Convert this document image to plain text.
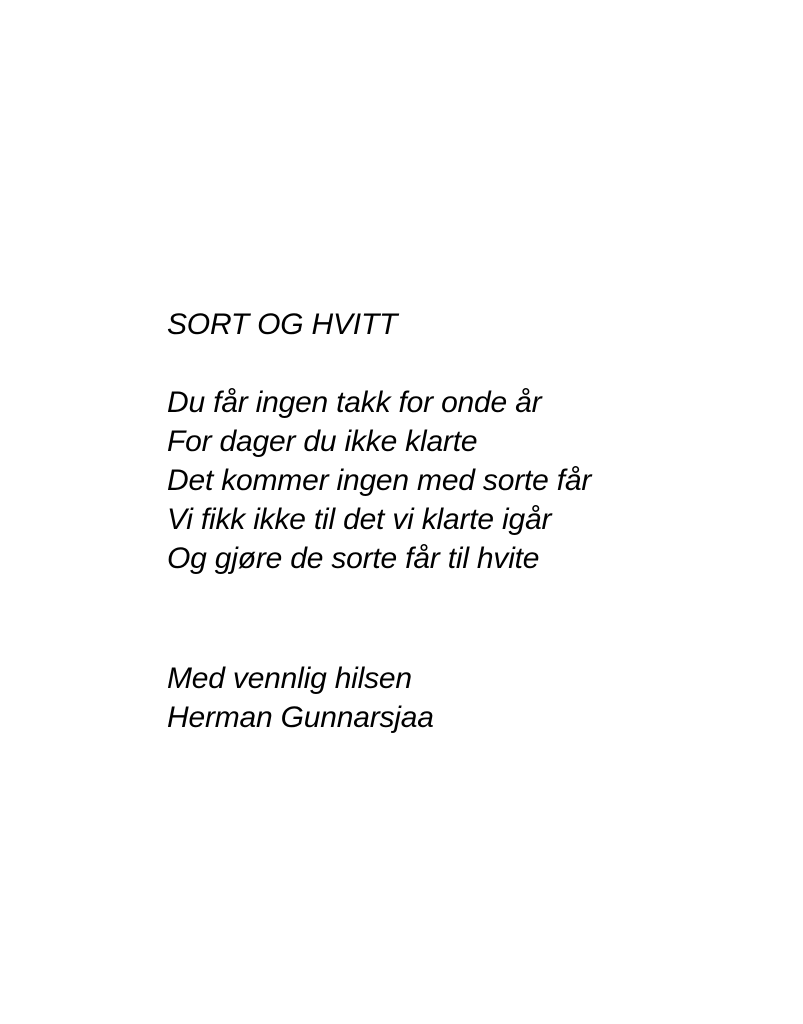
SORT OG HVITT

Du får ingen takk for onde år

For dager du ikke klarte

Det kommer ingen med sorte får

Vi fikk ikke til det vi klarte igår

Og gjøre de sorte får til hvite

Med vennlig hilsen

Herman Gunnarsjaa
